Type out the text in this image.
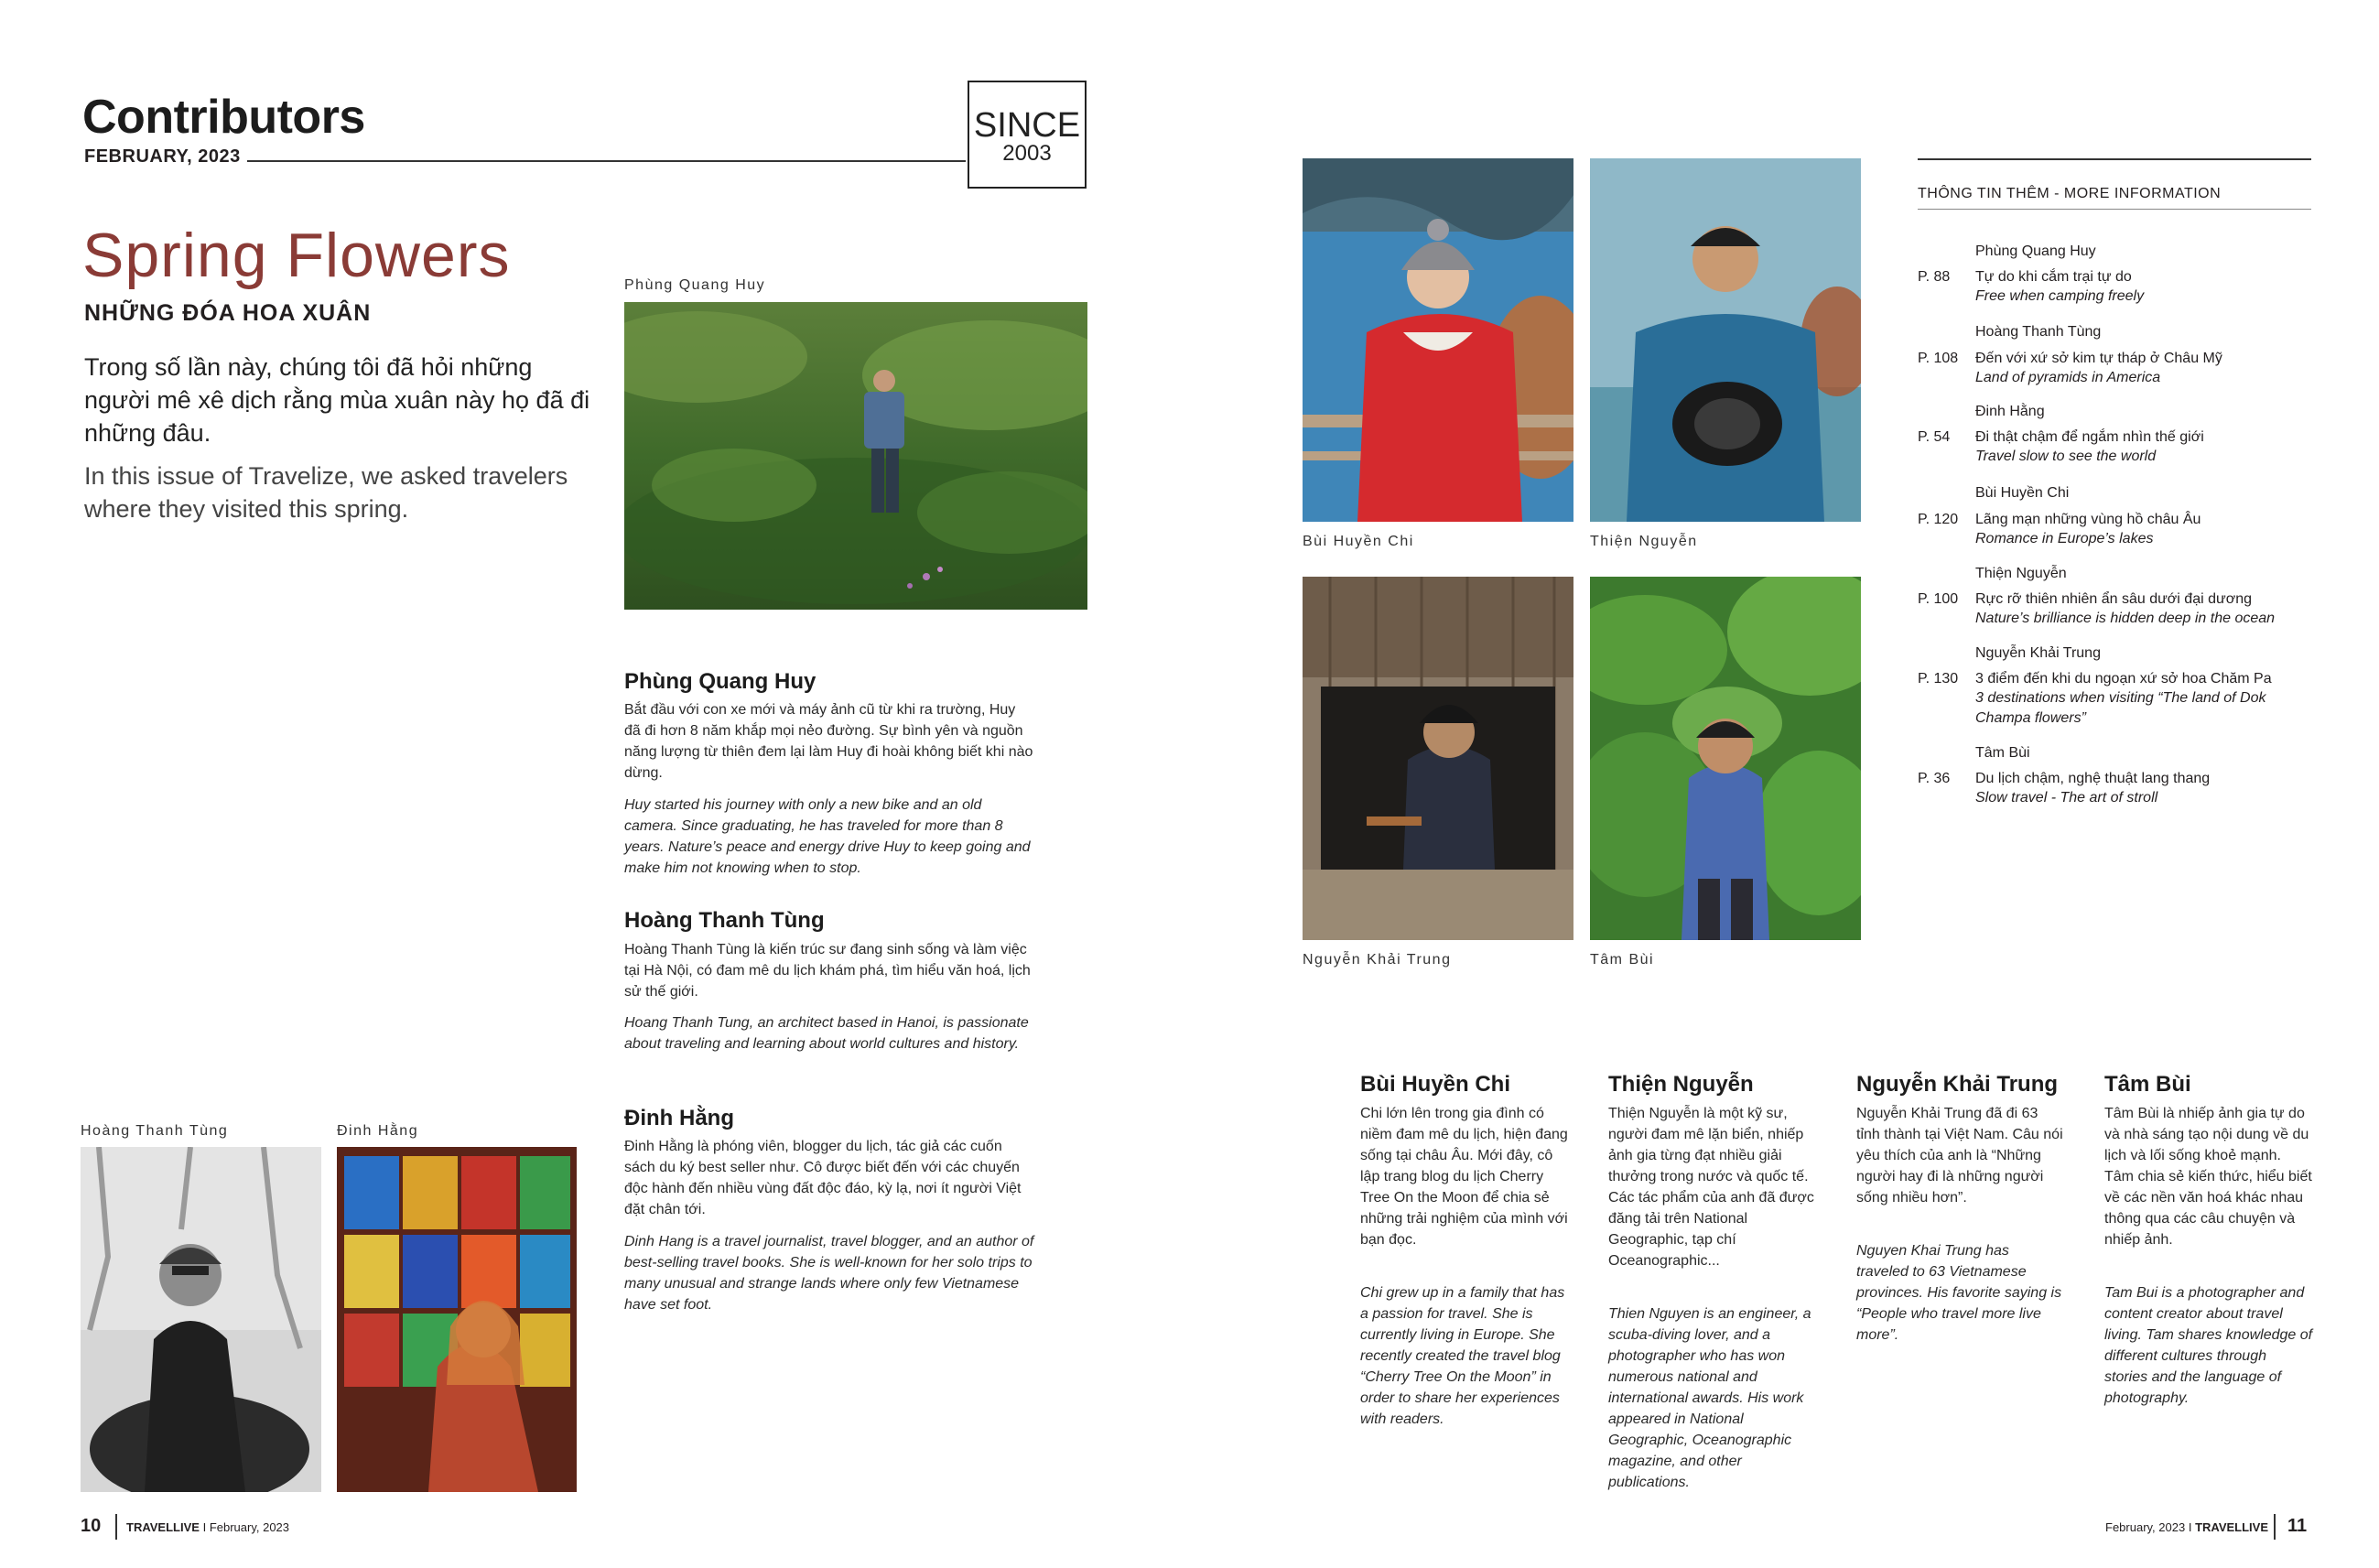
Contributors
FEBRUARY, 2023
SINCE
2003
Spring Flowers
NHỮNG ĐÓA HOA XUÂN
Trong số lần này, chúng tôi đã hỏi những người mê xê dịch rằng mùa xuân này họ đã đi những đâu.
In this issue of Travelize, we asked travelers where they visited this spring.
Phùng Quang Huy
Phùng Quang Huy
Bắt đầu với con xe mới và máy ảnh cũ từ khi ra trường, Huy đã đi hơn 8 năm khắp mọi nẻo đường. Sự bình yên và nguồn năng lượng từ thiên đem lại làm Huy đi hoài không biết khi nào dừng.
Huy started his journey with only a new bike and an old camera. Since graduating, he has traveled for more than 8 years. Nature’s peace and energy drive Huy to keep going and make him not knowing when to stop.
Hoàng Thanh Tùng
Hoàng Thanh Tùng là kiến trúc sư đang sinh sống và làm việc tại Hà Nội, có đam mê du lịch khám phá, tìm hiểu văn hoá, lịch sử thế giới.
Hoang Thanh Tung, an architect based in Hanoi, is passionate about traveling and learning about world cultures and history.
Đinh Hằng
Đinh Hằng là phóng viên, blogger du lịch, tác giả các cuốn sách du ký best seller như. Cô được biết đến với các chuyến độc hành đến nhiều vùng đất độc đáo, kỳ lạ, nơi ít người Việt đặt chân tới.
Dinh Hang is a travel journalist, travel blogger, and an author of best-selling travel books. She is well-known for her solo trips to many unusual and strange lands where only few Vietnamese have set foot.
Hoàng Thanh Tùng	Đinh Hằng
10 TRAVELLIVE I February, 2023
Bùi Huyền Chi	Thiện Nguyễn
Nguyễn Khải Trung	Tâm Bùi
Bùi Huyền Chi
Chi lớn lên trong gia đình có niềm đam mê du lịch, hiện đang sống tại châu Âu. Mới đây, cô lập trang blog du lịch Cherry Tree On the Moon để chia sẻ những trải nghiệm của mình với bạn đọc.
Chi grew up in a family that has a passion for travel. She is currently living in Europe. She recently created the travel blog “Cherry Tree On the Moon” in order to share her experiences with readers.
Thiện Nguyễn
Thiện Nguyễn là một kỹ sư, người đam mê lặn biển, nhiếp ảnh gia từng đạt nhiều giải thưởng trong nước và quốc tế. Các tác phẩm của anh đã được đăng tải trên National Geographic, tạp chí Oceanographic...
Thien Nguyen is an engineer, a scuba-diving lover, and a photographer who has won numerous national and international awards. His work appeared in National Geographic, Oceanographic magazine, and other publications.
Nguyễn Khải Trung
Nguyễn Khải Trung đã đi 63 tỉnh thành tại Việt Nam. Câu nói yêu thích của anh là “Những người hay đi là những người sống nhiều hơn”.
Nguyen Khai Trung has traveled to 63 Vietnamese provinces. His favorite saying is “People who travel more live more”.
Tâm Bùi
Tâm Bùi là nhiếp ảnh gia tự do và nhà sáng tạo nội dung về du lịch và lối sống khoẻ mạnh. Tâm chia sẻ kiến thức, hiểu biết về các nền văn hoá khác nhau thông qua các câu chuyện và nhiếp ảnh.
Tam Bui is a photographer and content creator about travel living. Tam shares knowledge of different cultures through stories and the language of photography.
THÔNG TIN THÊM - MORE INFORMATION
Phùng Quang Huy
P. 88 Tự do khi cắm trại tự do
Free when camping freely
Hoàng Thanh Tùng
P. 108 Đến với xứ sở kim tự tháp ở Châu Mỹ
Land of pyramids in America
Đinh Hằng
P. 54 Đi thật chậm để ngắm nhìn thế giới
Travel slow to see the world
Bùi Huyền Chi
P. 120 Lãng mạn những vùng hồ châu Âu
Romance in Europe’s lakes
Thiện Nguyễn
P. 100 Rực rỡ thiên nhiên ẩn sâu dưới đại dương
Nature’s brilliance is hidden deep in the ocean
Nguyễn Khải Trung
P. 130 3 điểm đến khi du ngoạn xứ sở hoa Chăm Pa
3 destinations when visiting “The land of Dok Champa flowers”
Tâm Bùi
P. 36 Du lịch chậm, nghệ thuật lang thang
Slow travel - The art of stroll
February, 2023 I TRAVELLIVE 11
